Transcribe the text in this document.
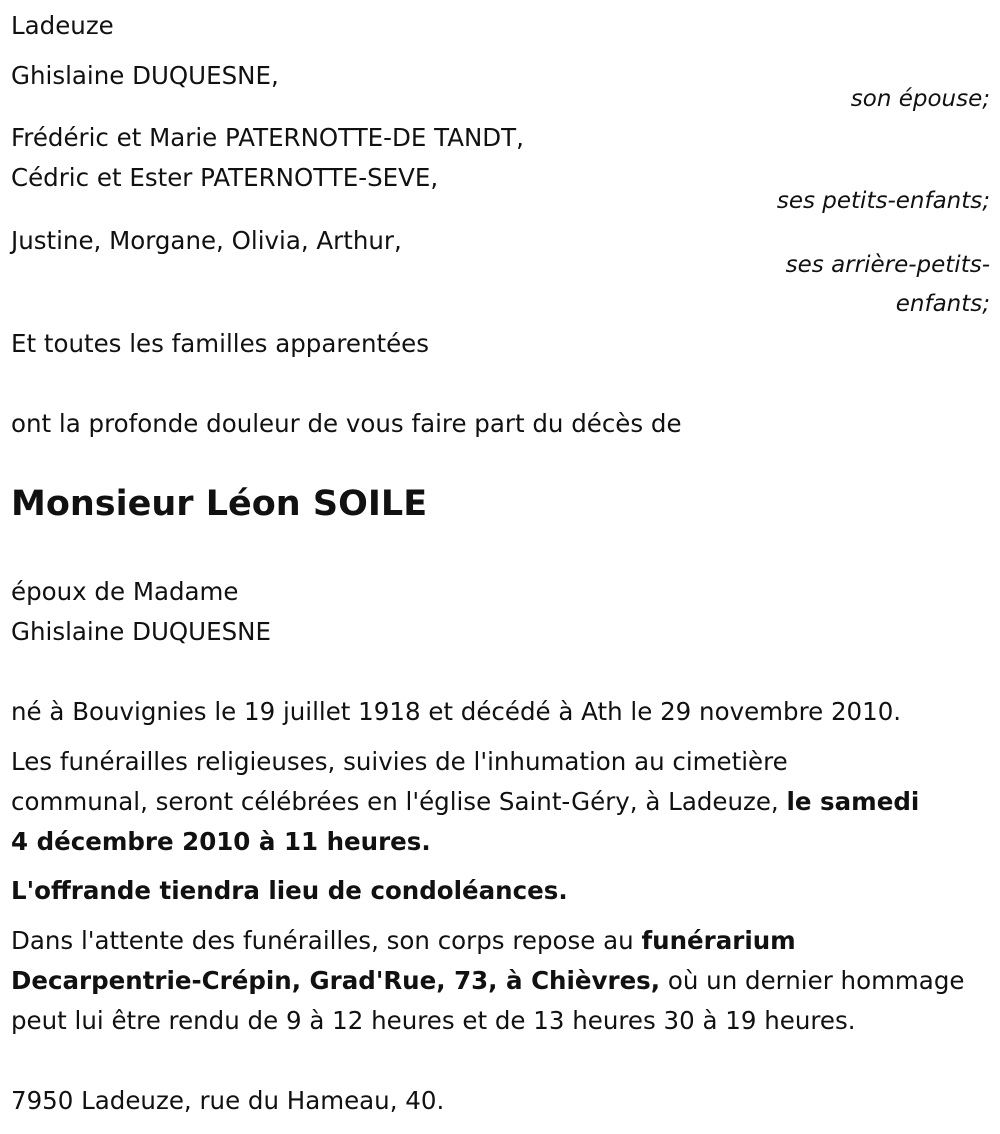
Ladeuze
Ghislaine DUQUESNE,
son épouse;
Frédéric et Marie PATERNOTTE-DE TANDT,
Cédric et Ester PATERNOTTE-SEVE,
ses petits-enfants;
Justine, Morgane, Olivia, Arthur,
ses arrière-petits-
enfants;
Et toutes les familles apparentées
ont la profonde douleur de vous faire part du décès de
Monsieur Léon SOILE
époux de Madame
Ghislaine DUQUESNE
né à Bouvignies le 19 juillet 1918 et décédé à Ath le 29 novembre 2010.
Les funérailles religieuses, suivies de l'inhumation au cimetière
communal, seront célébrées en l'église Saint-Géry, à Ladeuze, le samedi
4 décembre 2010 à 11 heures.
L'offrande tiendra lieu de condoléances.
Dans l'attente des funérailles, son corps repose au funérarium
Decarpentrie-Crépin, Grad'Rue, 73, à Chièvres, où un dernier hommage
peut lui être rendu de 9 à 12 heures et de 13 heures 30 à 19 heures.
7950 Ladeuze, rue du Hameau, 40.
